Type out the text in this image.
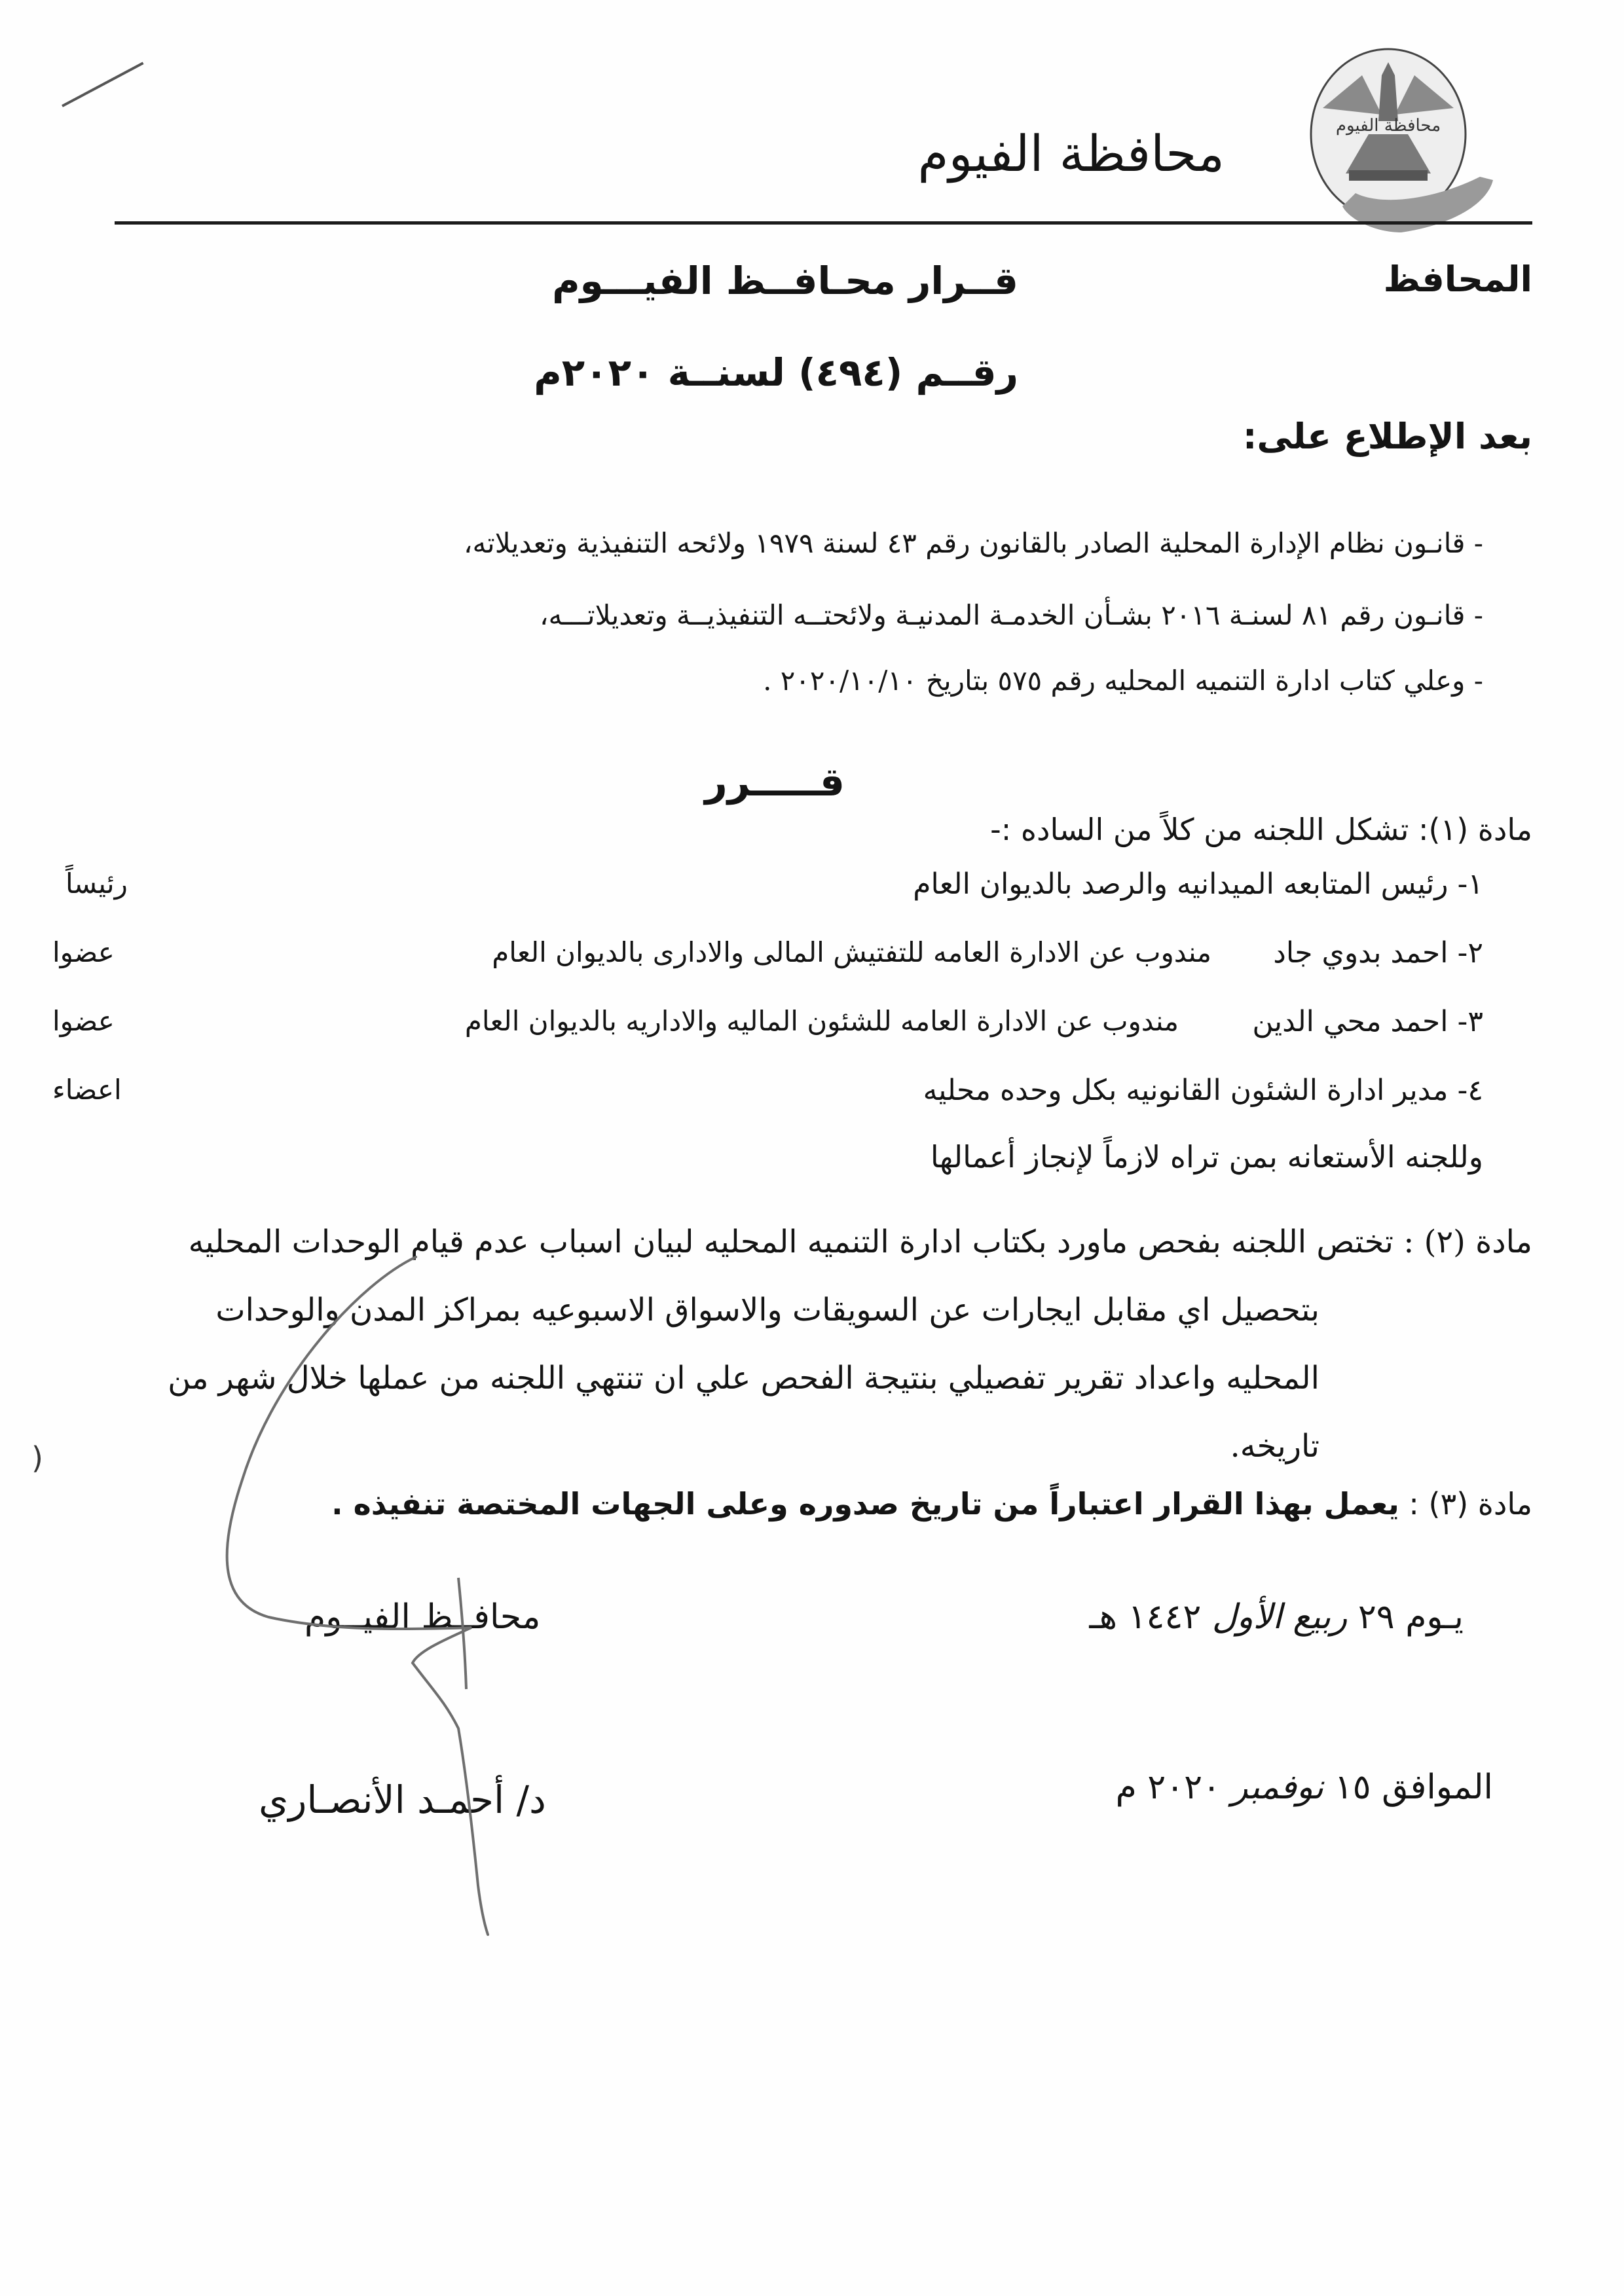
محافظة الفيوم
محافظة الفيوم
المحافظ
قــرار محـافــظ الفيـــوم
رقــم (٤٩٤) لسنــة ٢٠٢٠م
بعد الإطلاع على:
- قانـون نظام الإدارة المحلية الصادر بالقانون رقم ٤٣ لسنة ١٩٧٩ ولائحه التنفيذية وتعديلاته،
- قانـون رقم ٨١ لسنـة ٢٠١٦ بشـأن الخدمـة المدنيـة ولائحتــه التنفيذيــة وتعديلاتـــه،
- وعلي كتاب ادارة التنميه المحليه رقم ٥٧٥ بتاريخ ٢٠٢٠/١٠/١٠ .
قـــــرر
مادة (١): تشكل اللجنه من كلاً من الساده :-
١- رئيس المتابعه الميدانيه والرصد بالديوان العام
رئيساً
٢- احمد بدوي جاد
مندوب عن الادارة العامه للتفتيش المالى والادارى بالديوان العام
عضوا
٣- احمد محي الدين
مندوب عن الادارة العامه للشئون الماليه والاداريه بالديوان العام
عضوا
٤- مدير ادارة الشئون القانونيه بكل وحده محليه
اعضاء
وللجنه الأستعانه بمن تراه لازماً لإنجاز أعمالها
مادة (٢) : تختص اللجنه بفحص ماورد بكتاب ادارة التنميه المحليه لبيان اسباب عدم قيام الوحدات المحليه
بتحصيل اي مقابل ايجارات عن السويقات والاسواق الاسبوعيه بمراكز المدن والوحدات
المحليه واعداد تقرير تفصيلي بنتيجة الفحص علي ان تنتهي اللجنه من عملها خلال شهر من
تاريخه.
مادة (٣) : يعمل بهذا القرار اعتباراً من تاريخ صدوره وعلى الجهات المختصة تنفيذه .
)
يـوم ٢٩ ربيع الأول ١٤٤٢ هـ
الموافق ١٥ نوفمبر ٢٠٢٠ م
محافــظ الفيــوم
د/ أحمـد الأنصـاري
